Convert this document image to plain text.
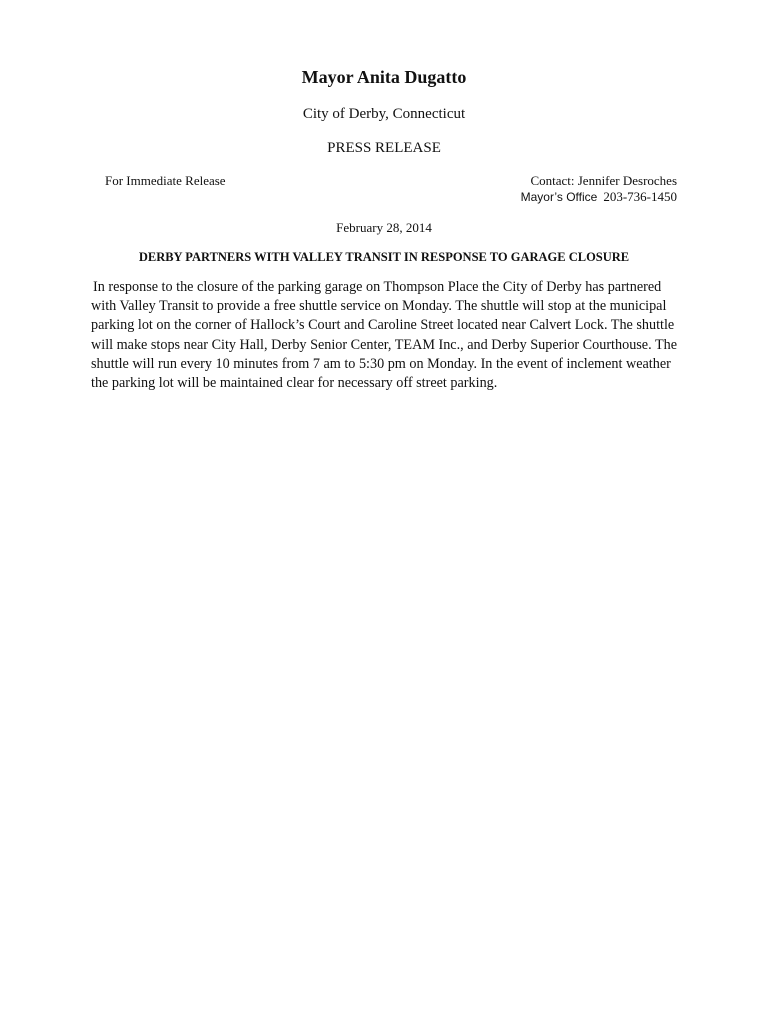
Mayor Anita Dugatto
City of Derby, Connecticut
PRESS RELEASE
For Immediate Release	Contact: Jennifer Desroches
Mayor’s Office 203-736-1450
February 28, 2014
DERBY PARTNERS WITH VALLEY TRANSIT IN RESPONSE TO GARAGE CLOSURE
In response to the closure of the parking garage on Thompson Place the City of Derby has partnered with Valley Transit to provide a free shuttle service on Monday. The shuttle will stop at the municipal parking lot on the corner of Hallock’s Court and Caroline Street located near Calvert Lock. The shuttle will make stops near City Hall, Derby Senior Center, TEAM Inc., and Derby Superior Courthouse. The shuttle will run every 10 minutes from 7 am to 5:30 pm on Monday. In the event of inclement weather the parking lot will be maintained clear for necessary off street parking.
